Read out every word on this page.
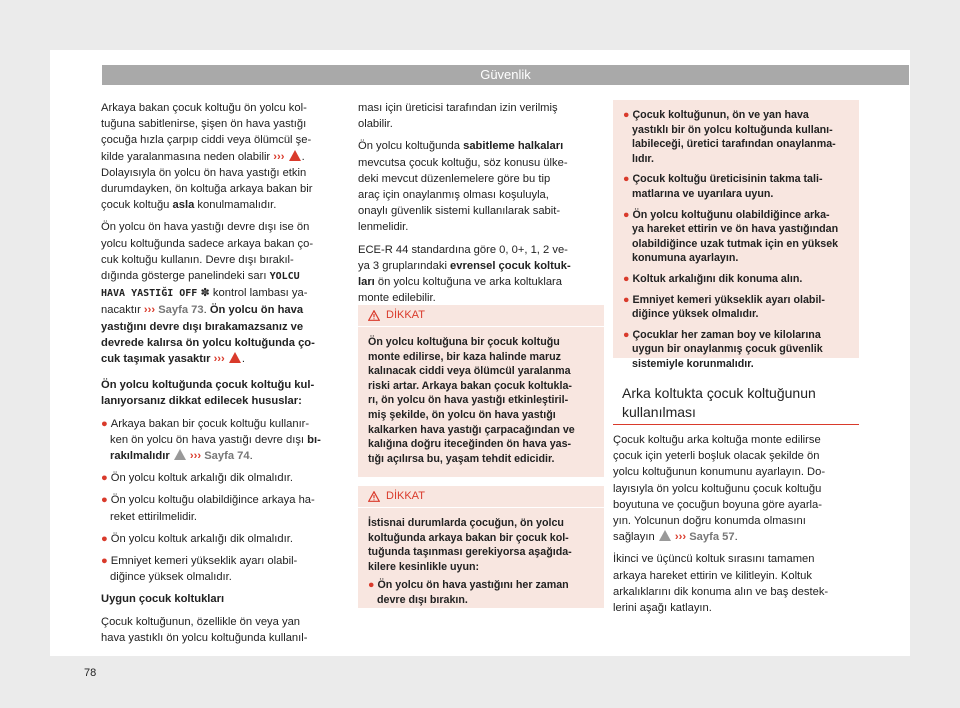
Güvenlik

Arkaya bakan çocuk koltuğu ön yolcu kol-
tuğuna sabitlenirse, şişen ön hava yastığı
çocuğa hızla çarpıp ciddi veya ölümcül şe-
kilde yaralanmasına neden olabilir ››› .
Dolayısıyla ön yolcu ön hava yastığı etkin
durumdayken, ön koltuğa arkaya bakan bir
çocuk koltuğu asla konulmamalıdır.

Ön yolcu ön hava yastığı devre dışı ise ön
yolcu koltuğunda sadece arkaya bakan ço-
cuk koltuğu kullanın. Devre dışı bırakıl-
dığında gösterge panelindeki sarı YOLCU
HAVA YASTIĞI OFF ✽ kontrol lambası ya-
nacaktır ››› Sayfa 73. Ön yolcu ön hava
yastığını devre dışı bırakamazsanız ve
devrede kalırsa ön yolcu koltuğunda ço-
cuk taşımak yasaktır ››› .

Ön yolcu koltuğunda çocuk koltuğu kul-
lanıyorsanız dikkat edilecek hususlar:

● Arkaya bakan bir çocuk koltuğu kullanır-
ken ön yolcu ön hava yastığı devre dışı bı-
rakılmalıdır ››› Sayfa 74.

● Ön yolcu koltuk arkalığı dik olmalıdır.

● Ön yolcu koltuğu olabildiğince arkaya ha-
reket ettirilmelidir.

● Ön yolcu koltuk arkalığı dik olmalıdır.

● Emniyet kemeri yükseklik ayarı olabil-
diğince yüksek olmalıdır.

Uygun çocuk koltukları

Çocuk koltuğunun, özellikle ön veya yan
hava yastıklı ön yolcu koltuğunda kullanıl-

ması için üreticisi tarafından izin verilmiş
olabilir.

Ön yolcu koltuğunda sabitleme halkaları
mevcutsa çocuk koltuğu, söz konusu ülke-
deki mevcut düzenlemelere göre bu tip
araç için onaylanmış olması koşuluyla,
onaylı güvenlik sistemi kullanılarak sabit-
lenmelidir.

ECE-R 44 standardına göre 0, 0+, 1, 2 ve-
ya 3 gruplarındaki evrensel çocuk koltuk-
ları ön yolcu koltuğuna ve arka koltuklara
monte edilebilir.

DİKKAT
Ön yolcu koltuğuna bir çocuk koltuğu
monte edilirse, bir kaza halinde maruz
kalınacak ciddi veya ölümcül yaralanma
riski artar. Arkaya bakan çocuk koltukla-
rı, ön yolcu ön hava yastığı etkinleştiril-
miş şekilde, ön yolcu ön hava yastığı
kalkarken hava yastığı çarpacağından ve
kalığına doğru iteceğinden ön hava yas-
tığı açılırsa bu, yaşam tehdit edicidir.
DİKKAT
İstisnai durumlarda çocuğun, ön yolcu
koltuğunda arkaya bakan bir çocuk kol-
tuğunda taşınması gerekiyorsa aşağıda-
kilere kesinlikle uyun:
● Ön yolcu ön hava yastığını her zaman
devre dışı bırakın.

● Çocuk koltuğunun, ön ve yan hava
yastıklı bir ön yolcu koltuğunda kullanı-
labileceği, üretici tarafından onaylanma-
lıdır.

● Çocuk koltuğu üreticisinin takma tali-
matlarına ve uyarılara uyun.

● Ön yolcu koltuğunu olabildiğince arka-
ya hareket ettirin ve ön hava yastığından
olabildiğince uzak tutmak için en yüksek
konumuna ayarlayın.

● Koltuk arkalığını dik konuma alın.

● Emniyet kemeri yükseklik ayarı olabil-
diğince yüksek olmalıdır.

● Çocuklar her zaman boy ve kilolarına
uygun bir onaylanmış çocuk güvenlik
sistemiyle korunmalıdır.

Arka koltukta çocuk koltuğunun
kullanılması

Çocuk koltuğu arka koltuğa monte edilirse
çocuk için yeterli boşluk olacak şekilde ön
yolcu koltuğunun konumunu ayarlayın. Do-
layısıyla ön yolcu koltuğunu çocuk koltuğu
boyutuna ve çocuğun boyuna göre ayarla-
yın. Yolcunun doğru konumda olmasını
sağlayın ››› Sayfa 57.

İkinci ve üçüncü koltuk sırasını tamamen
arkaya hareket ettirin ve kilitleyin. Koltuk
arkalıklarını dik konuma alın ve baş destek-
lerini aşağı katlayın.

78
